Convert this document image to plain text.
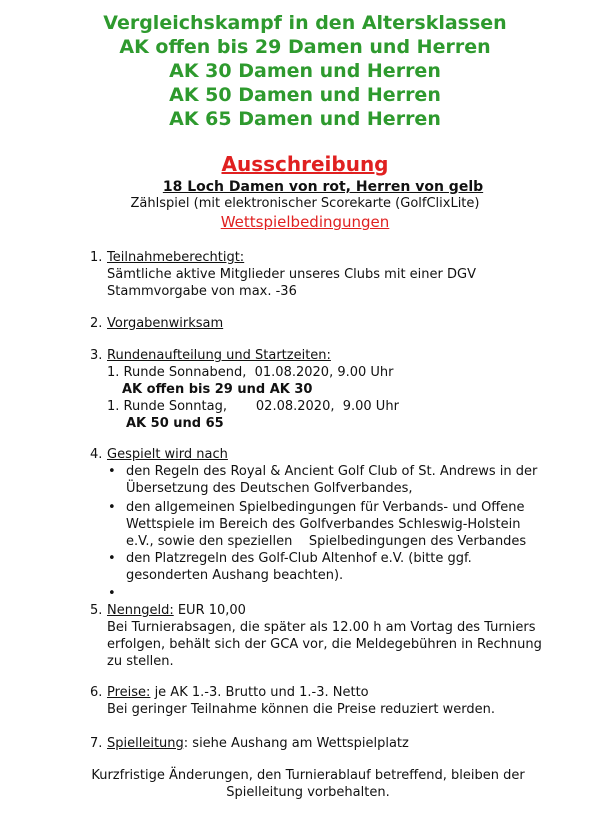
Vergleichskampf in den Altersklassen
AK offen bis 29 Damen und Herren
AK 30 Damen und Herren
AK 50 Damen und Herren
AK 65 Damen und Herren
Ausschreibung
18 Loch Damen von rot, Herren von gelb
Zählspiel (mit elektronischer Scorekarte (GolfClixLite)
Wettspielbedingungen
1. Teilnahmeberechtigt:
Sämtliche aktive Mitglieder unseres Clubs mit einer DGV
Stammvorgabe von max. -36
2. Vorgabenwirksam
3. Rundenaufteilung und Startzeiten:
1. Runde Sonnabend,  01.08.2020, 9.00 Uhr
AK offen bis 29 und AK 30
1. Runde Sonntag,       02.08.2020,  9.00 Uhr
AK 50 und 65
4. Gespielt wird nach
• den Regeln des Royal & Ancient Golf Club of St. Andrews in der
Übersetzung des Deutschen Golfverbandes,
• den allgemeinen Spielbedingungen für Verbands- und Offene
Wettspiele im Bereich des Golfverbandes Schleswig-Holstein
e.V., sowie den speziellen    Spielbedingungen des Verbandes
• den Platzregeln des Golf-Club Altenhof e.V. (bitte ggf.
gesonderten Aushang beachten).
•
5. Nenngeld: EUR 10,00
Bei Turnierabsagen, die später als 12.00 h am Vortag des Turniers
erfolgen, behält sich der GCA vor, die Meldegebühren in Rechnung
zu stellen.
6. Preise: je AK 1.-3. Brutto und 1.-3. Netto
Bei geringer Teilnahme können die Preise reduziert werden.
7. Spielleitung: siehe Aushang am Wettspielplatz
Kurzfristige Änderungen, den Turnierablauf betreffend, bleiben der
Spielleitung vorbehalten.
